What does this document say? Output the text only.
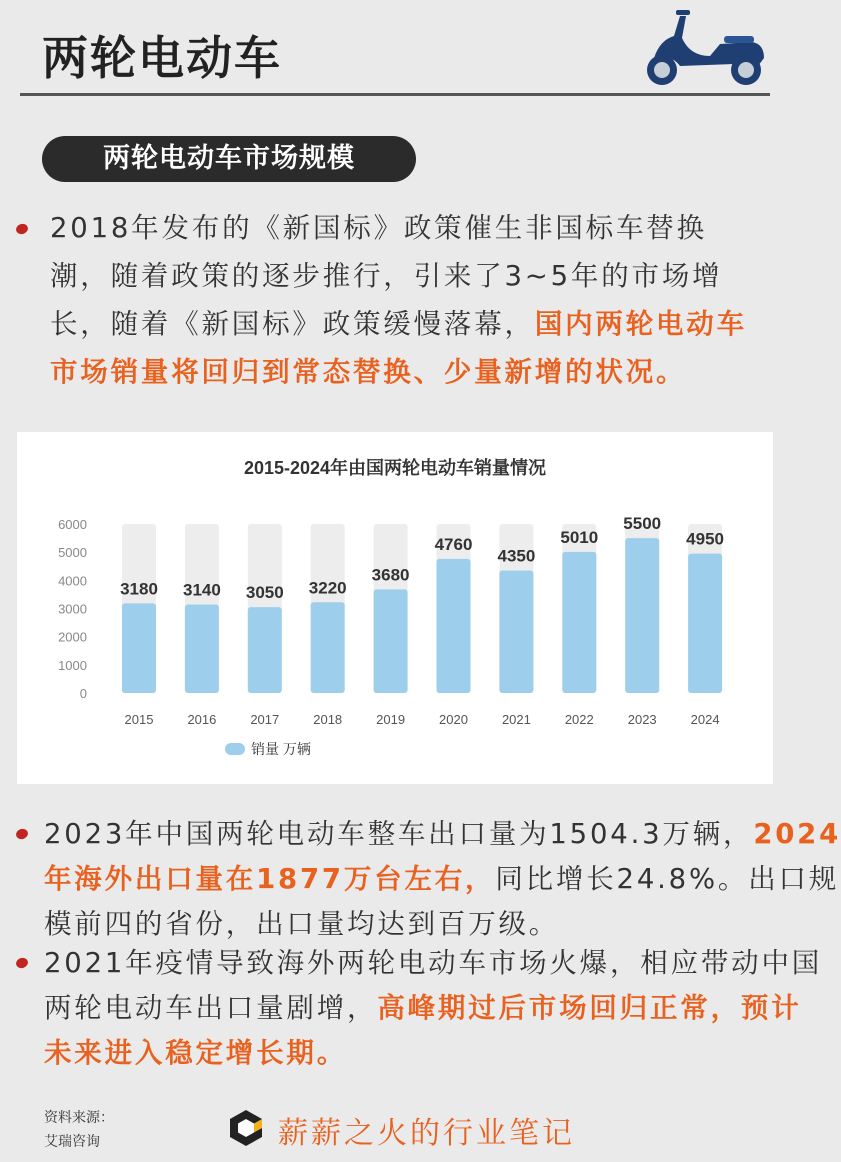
两轮电动车
两轮电动车市场规模
2018年发布的《新国标》政策催生非国标车替换
潮，随着政策的逐步推行，引来了3~5年的市场增
长，随着《新国标》政策缓慢落幕，国内两轮电动车
市场销量将回归到常态替换、少量新增的状况。
2015-2024年由国两轮电动车销量情况
0
1000
2000
3000
4000
5000
6000
3180
2015
3140
2016
3050
2017
3220
2018
3680
2019
4760
2020
4350
2021
5010
2022
5500
2023
4950
2024
销量 万辆
2023年中国两轮电动车整车出口量为1504.3万辆，2024
年海外出口量在1877万台左右，同比增长24.8%。出口规
模前四的省份，出口量均达到百万级。
2021年疫情导致海外两轮电动车市场火爆，相应带动中国
两轮电动车出口量剧增，高峰期过后市场回归正常，预计
未来进入稳定增长期。
资料来源：
艾瑞咨询	薪薪之火的行业笔记
